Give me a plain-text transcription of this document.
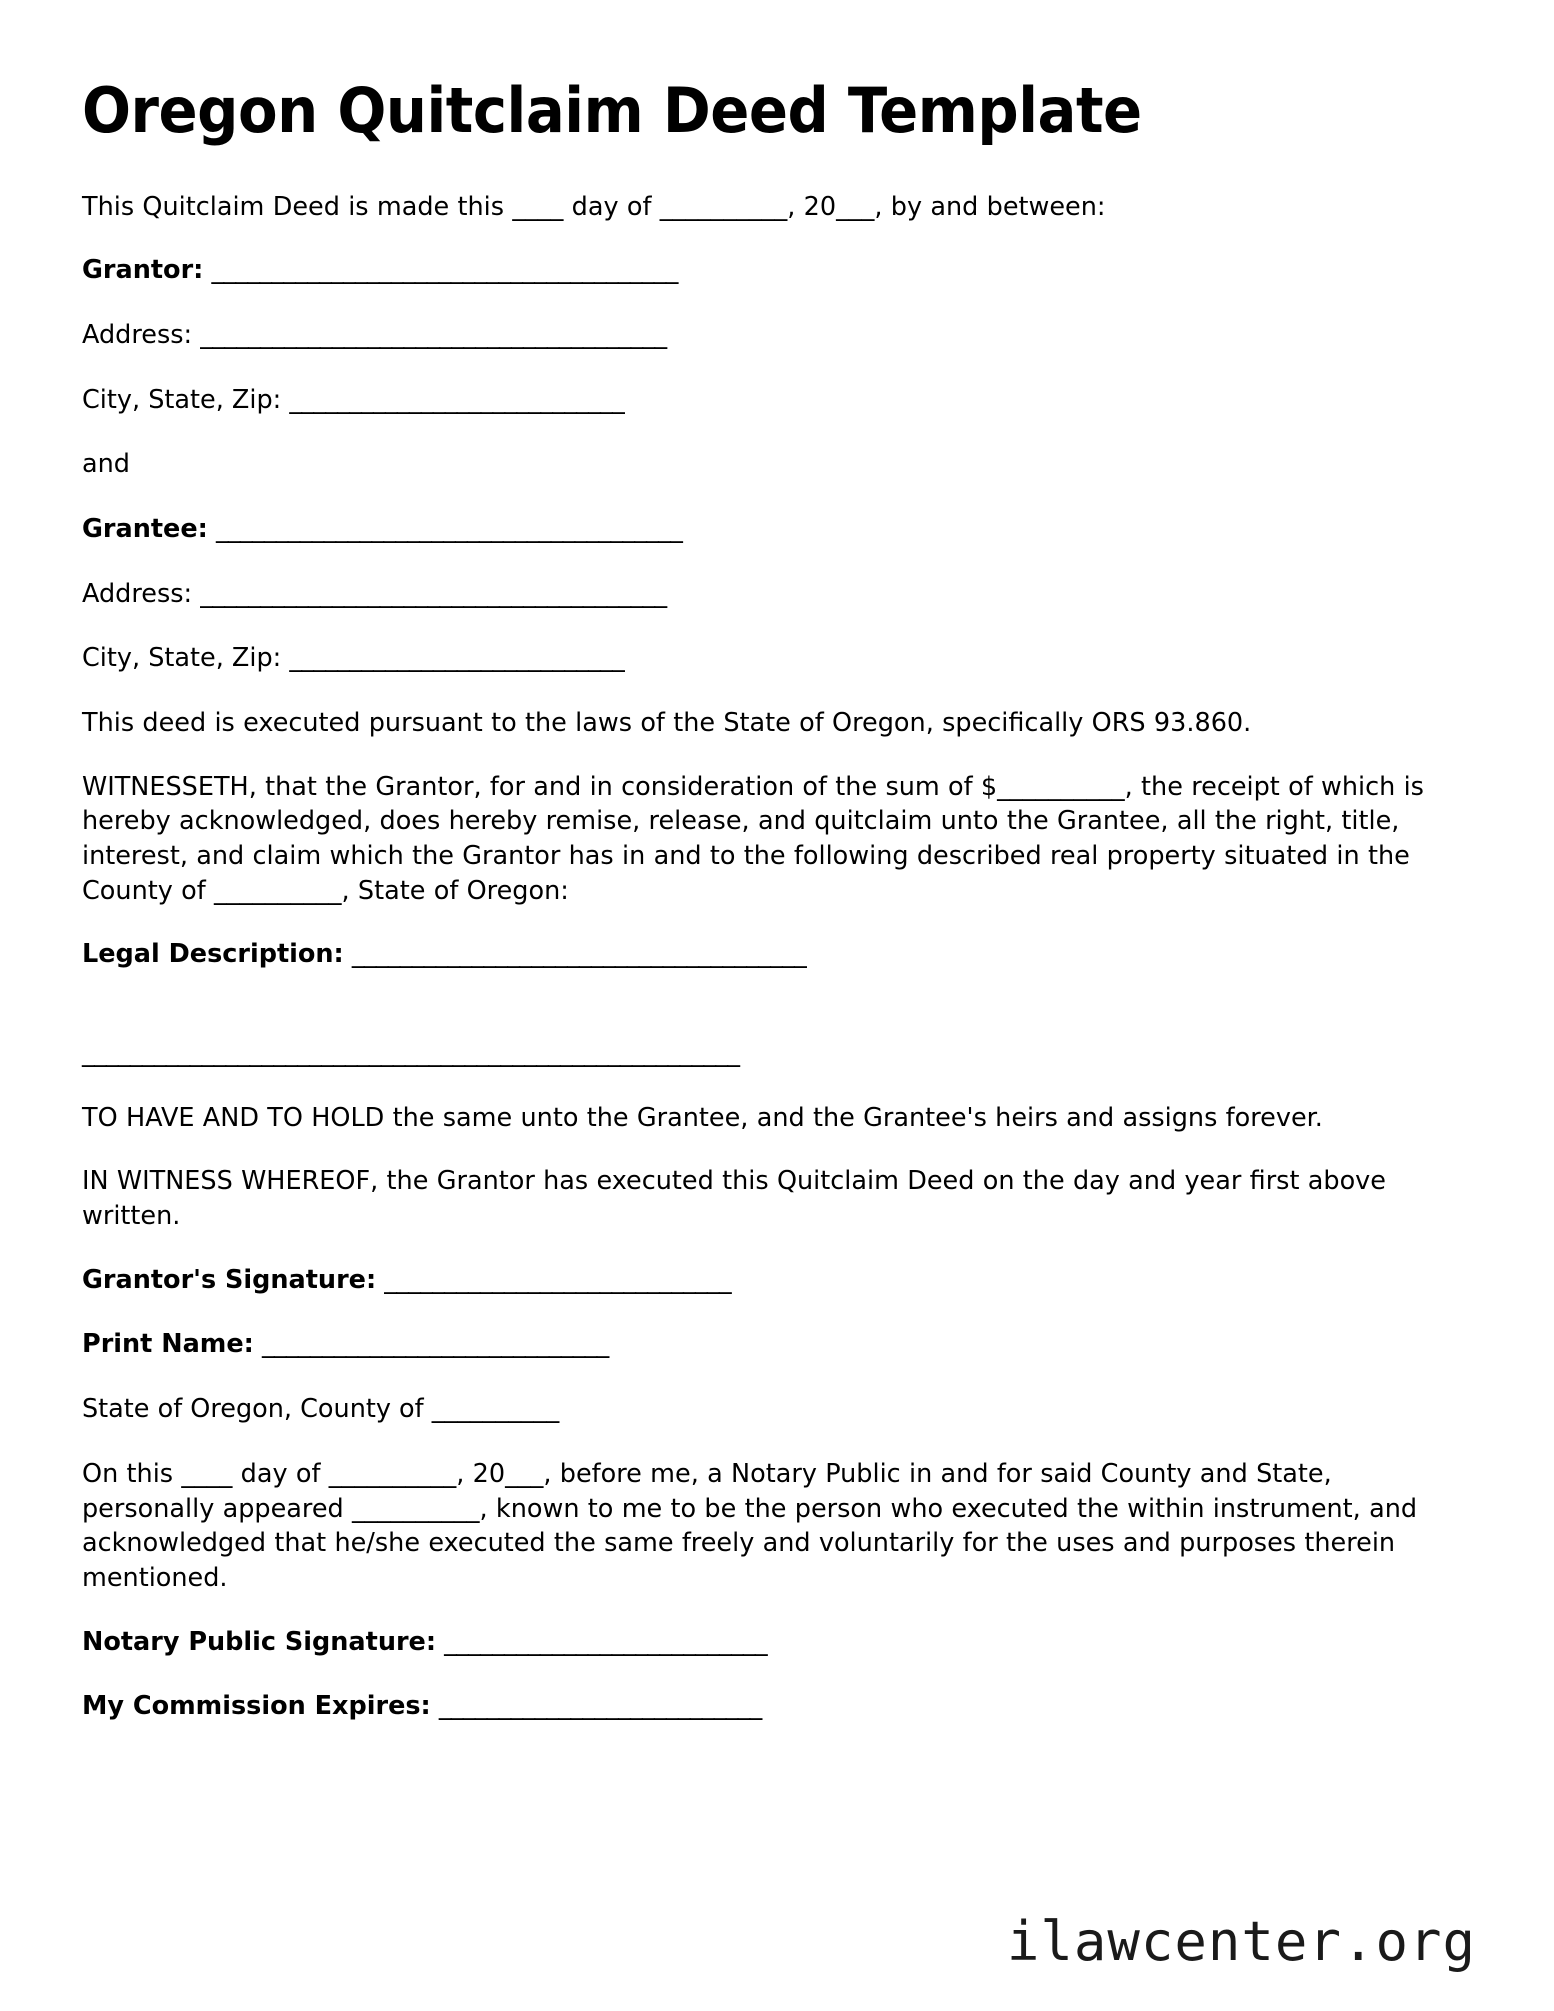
Oregon Quitclaim Deed Template

This Quitclaim Deed is made this ____ day of __________, 20___, by and between:

Grantor: _______________________________________
Address: _______________________________________
City, State, Zip: ____________________________
and
Grantee: _______________________________________
Address: _______________________________________
City, State, Zip: ____________________________

This deed is executed pursuant to the laws of the State of Oregon, specifically ORS 93.860.

WITNESSETH, that the Grantor, for and in consideration of the sum of $__________, the receipt of which is hereby acknowledged, does hereby remise, release, and quitclaim unto the Grantee, all the right, title, interest, and claim which the Grantor has in and to the following described real property situated in the County of __________, State of Oregon:

Legal Description: ______________________________________
_______________________________________________________

TO HAVE AND TO HOLD the same unto the Grantee, and the Grantee's heirs and assigns forever.

IN WITNESS WHEREOF, the Grantor has executed this Quitclaim Deed on the day and year first above written.

Grantor's Signature: _____________________________
Print Name: _____________________________
State of Oregon, County of __________

On this ____ day of __________, 20___, before me, a Notary Public in and for said County and State, personally appeared __________, known to me to be the person who executed the within instrument, and acknowledged that he/she executed the same freely and voluntarily for the uses and purposes therein mentioned.

Notary Public Signature: ___________________________
My Commission Expires: ___________________________
ilawcenter.org
